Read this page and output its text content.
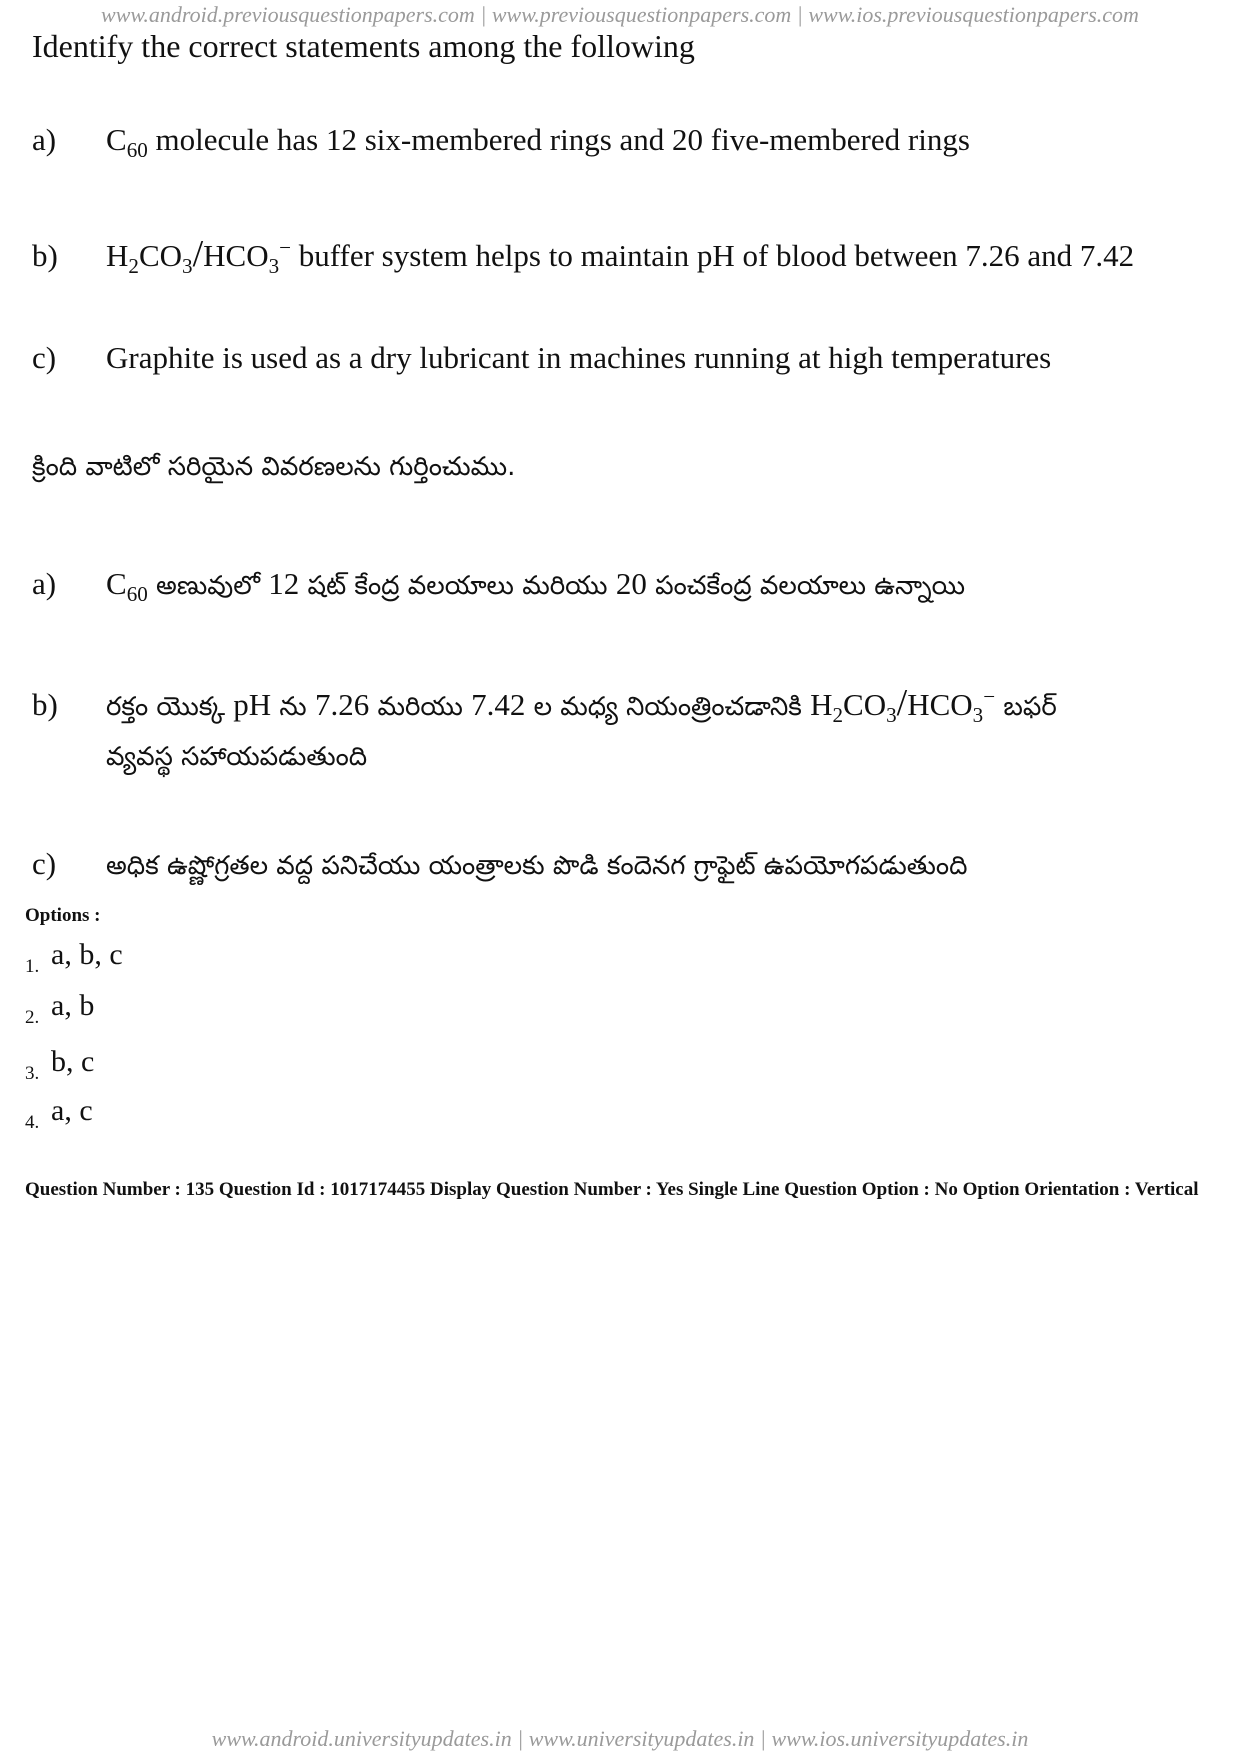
www.android.previousquestionpapers.com | www.previousquestionpapers.com | www.ios.previousquestionpapers.com
Identify the correct statements among the following
a) $C_{60}$ molecule has 12 six-membered rings and 20 five-membered rings
b) $H_2CO_3/HCO_3^-$ buffer system helps to maintain pH of blood between 7.26 and 7.42
c) Graphite is used as a dry lubricant in machines running at high temperatures
క్రింది వాటిలో సరియైన వివరణలను గుర్తించుము.
a) $C_{60}$ అణువులో 12 షట్ కేంద్ర వలయాలు మరియు 20 పంచకేంద్ర వలయాలు ఉన్నాయి
b) రక్తం యొక్క pH ను 7.26 మరియు 7.42 ల మధ్య నియంత్రించడానికి $H_2CO_3/HCO_3^-$ బఫర్
వ్యవస్థ సహాయపడుతుంది
c) అధిక ఉష్ణోగ్రతల వద్ద పనిచేయు యంత్రాలకు పొడి కందెనగ గ్రాఫైట్ ఉపయోగపడుతుంది
Options :
1. a, b, c
2. a, b
3. b, c
4. a, c
Question Number : 135 Question Id : 1017174455 Display Question Number : Yes Single Line Question Option : No Option Orientation : Vertical
www.android.universityupdates.in | www.universityupdates.in | www.ios.universityupdates.in
